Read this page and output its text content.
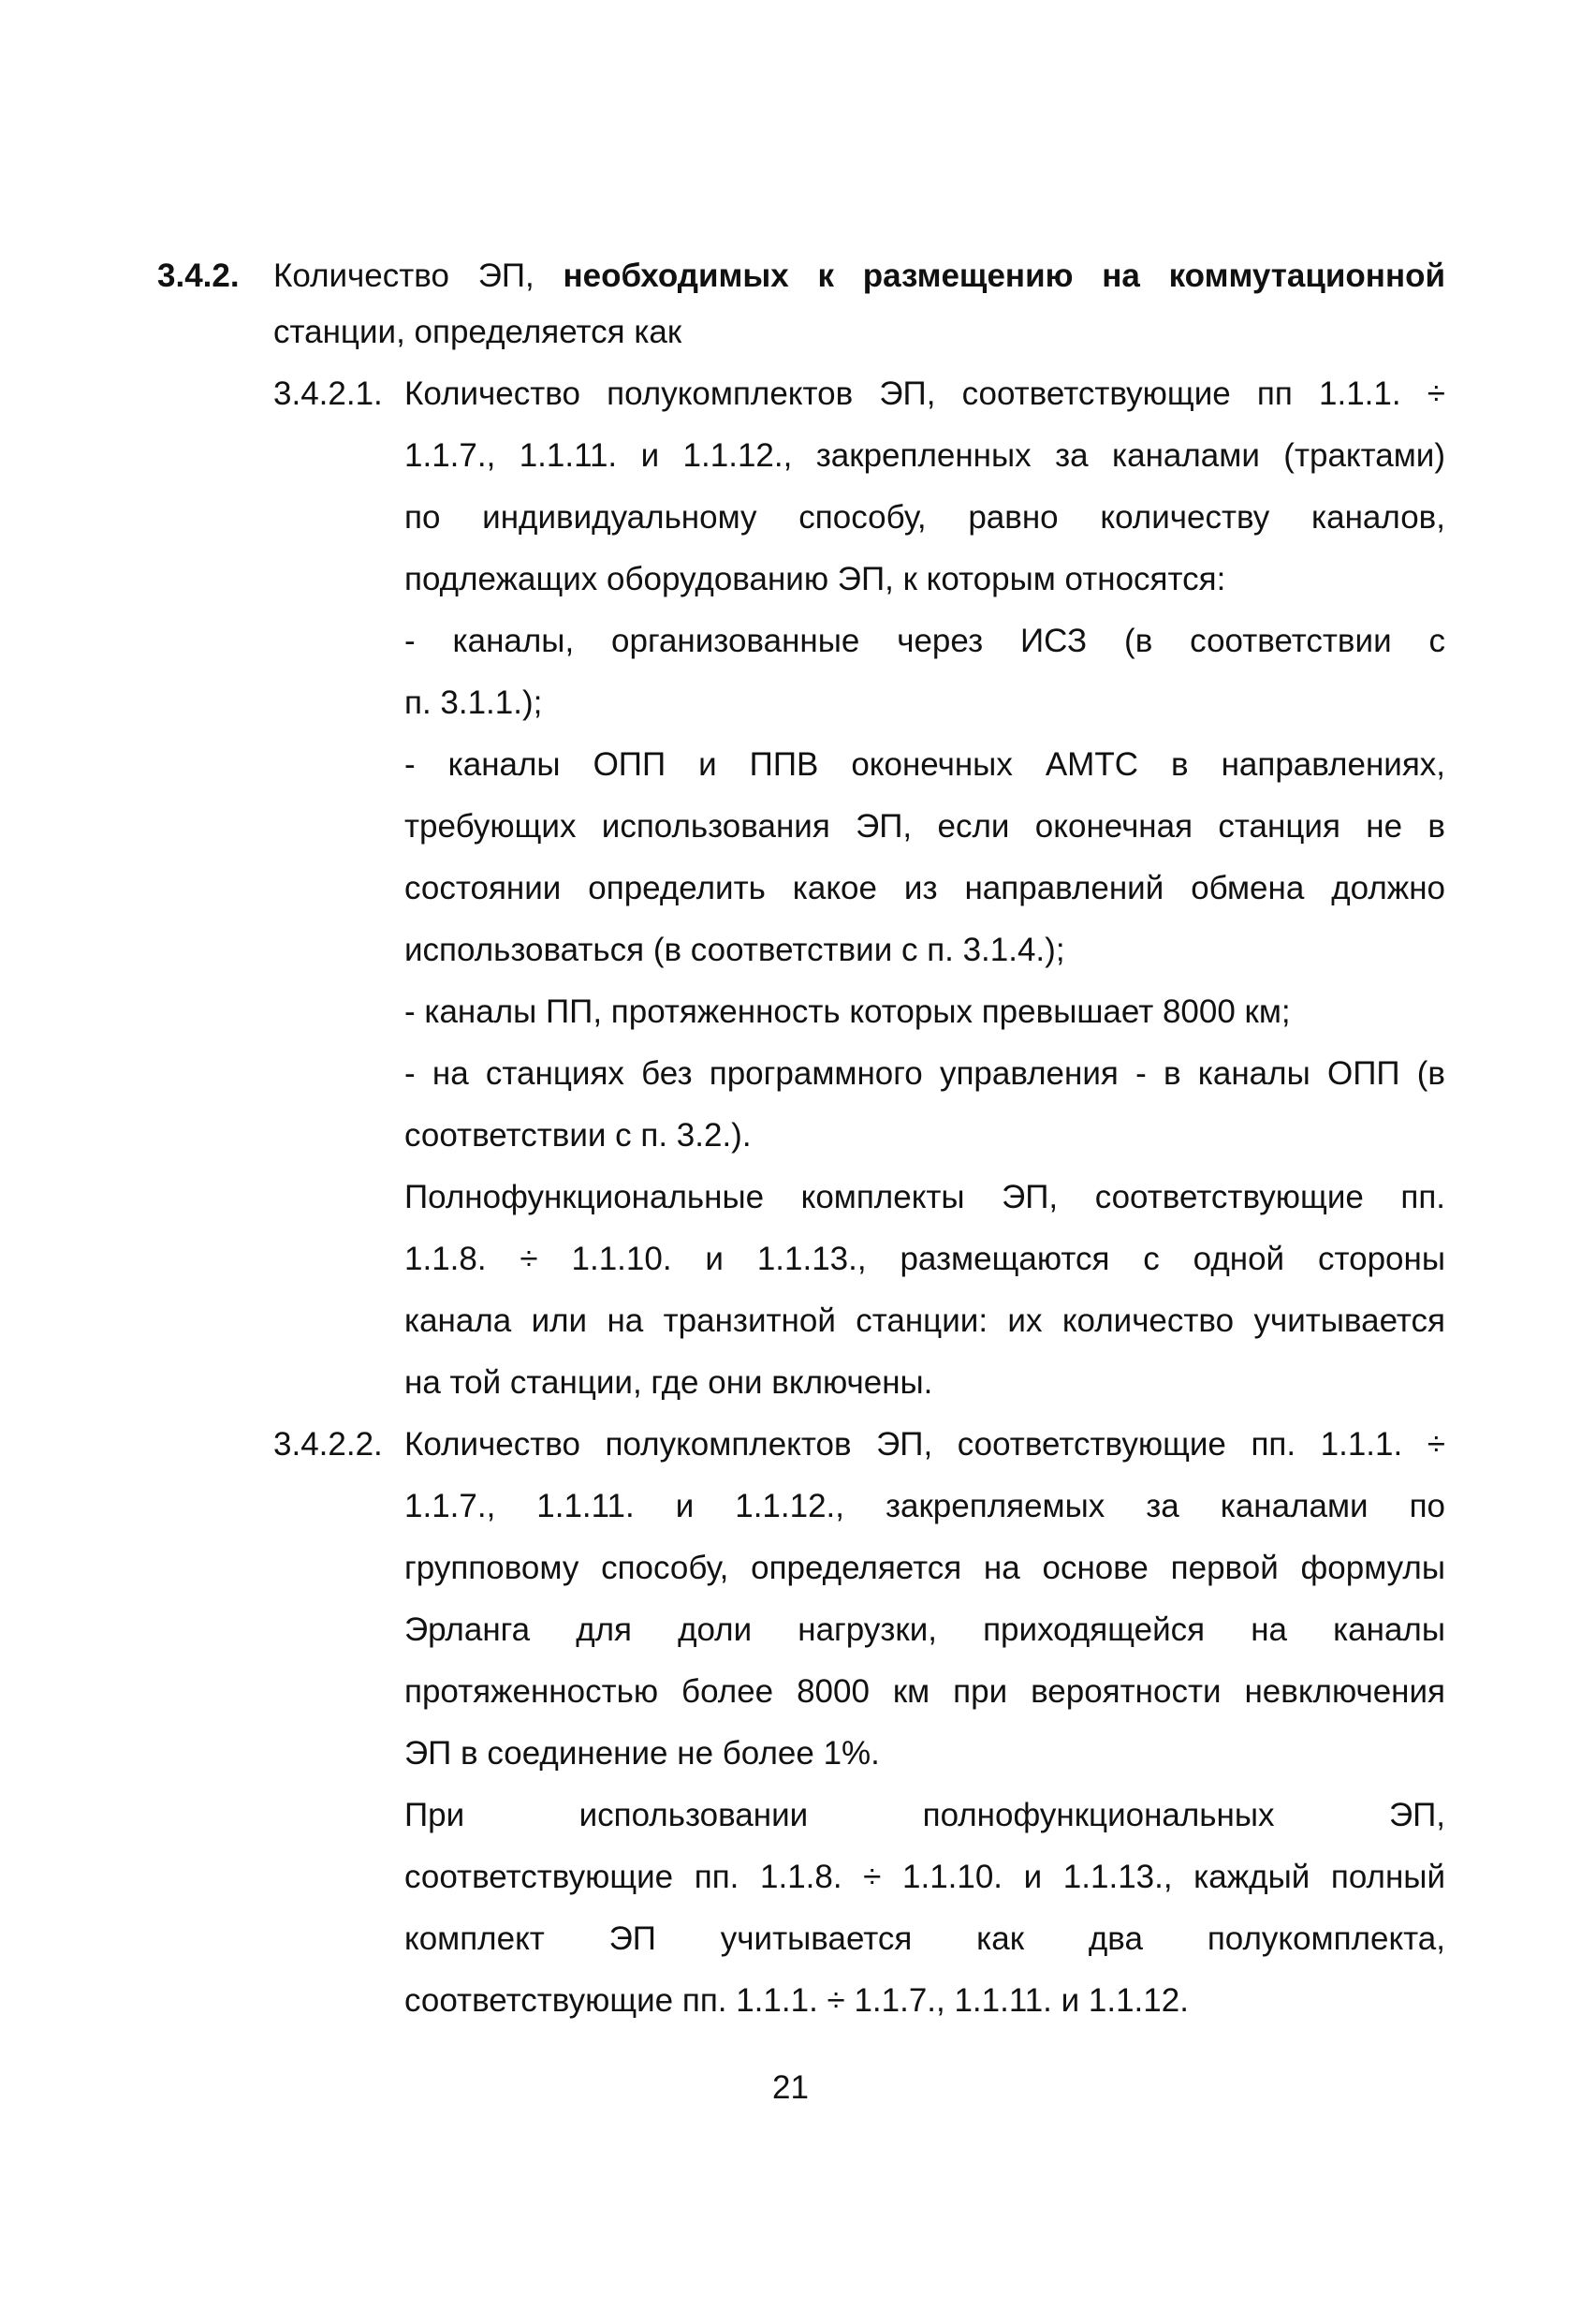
3.4.2. Количество ЭП, необходимых к размещению на коммутационной
станции, определяется как
3.4.2.1. Количество полукомплектов ЭП, соответствующие пп 1.1.1. ÷
1.1.7., 1.1.11. и 1.1.12., закрепленных за каналами (трактами)
по индивидуальному способу, равно количеству каналов,
подлежащих оборудованию ЭП, к которым относятся:
- каналы, организованные через ИСЗ (в соответствии с
п. 3.1.1.);
- каналы ОПП и ППВ оконечных АМТС в направлениях,
требующих использования ЭП, если оконечная станция не в
состоянии определить какое из направлений обмена должно
использоваться (в соответствии с п. 3.1.4.);
- каналы ПП, протяженность которых превышает 8000 км;
- на станциях без программного управления - в каналы ОПП (в
соответствии с п. 3.2.).
Полнофункциональные комплекты ЭП, соответствующие пп.
1.1.8. ÷ 1.1.10. и 1.1.13., размещаются с одной стороны
канала или на транзитной станции: их количество учитывается
на той станции, где они включены.
3.4.2.2. Количество полукомплектов ЭП, соответствующие пп. 1.1.1. ÷
1.1.7., 1.1.11. и 1.1.12., закрепляемых за каналами по
групповому способу, определяется на основе первой формулы
Эрланга для доли нагрузки, приходящейся на каналы
протяженностью более 8000 км при вероятности невключения
ЭП в соединение не более 1%.
При использовании полнофункциональных ЭП,
соответствующие пп. 1.1.8. ÷ 1.1.10. и 1.1.13., каждый полный
комплект ЭП учитывается как два полукомплекта,
соответствующие пп. 1.1.1. ÷ 1.1.7., 1.1.11. и 1.1.12.
21
